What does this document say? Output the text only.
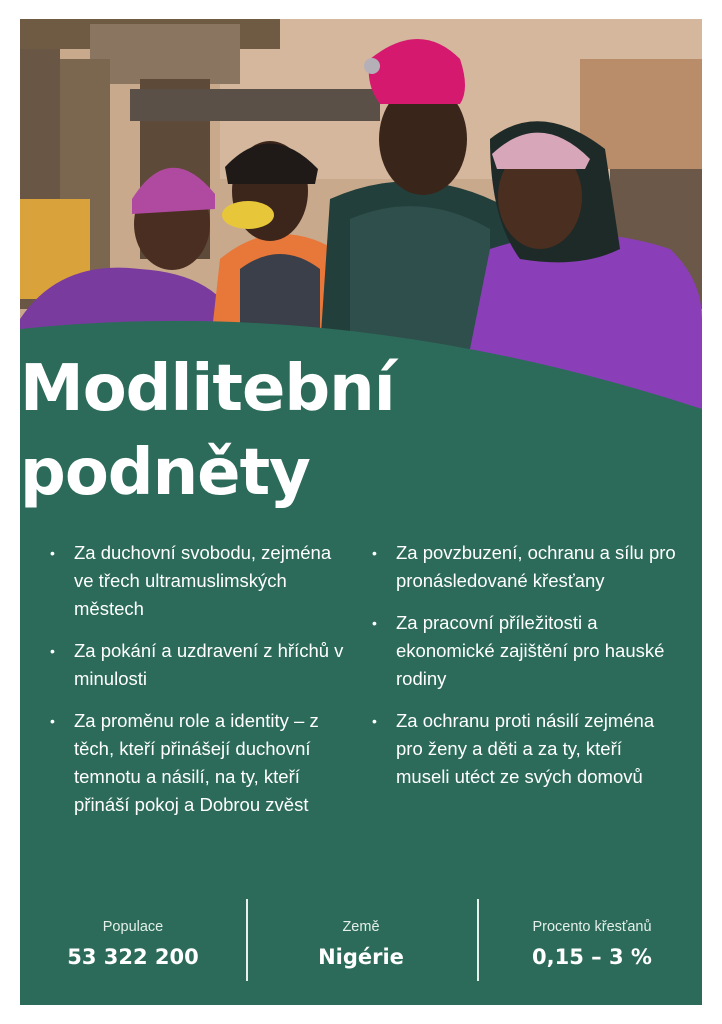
Modlitební
podněty
• Za duchovní svobodu, zejména ve třech ultramuslimských městech
• Za pokání a uzdravení z hříchů v minulosti
• Za proměnu role a identity – z těch, kteří přinášejí duchovní temnotu a násilí, na ty, kteří přináší pokoj a Dobrou zvěst
• Za povzbuzení, ochranu a sílu pro pronásledované křesťany
• Za pracovní příležitosti a ekonomické zajištění pro hauské rodiny
• Za ochranu proti násilí zejména pro ženy a děti a za ty, kteří museli utéct ze svých domovů
Populace
53 322 200
Země
Nigérie
Procento křesťanů
0,15 – 3 %
